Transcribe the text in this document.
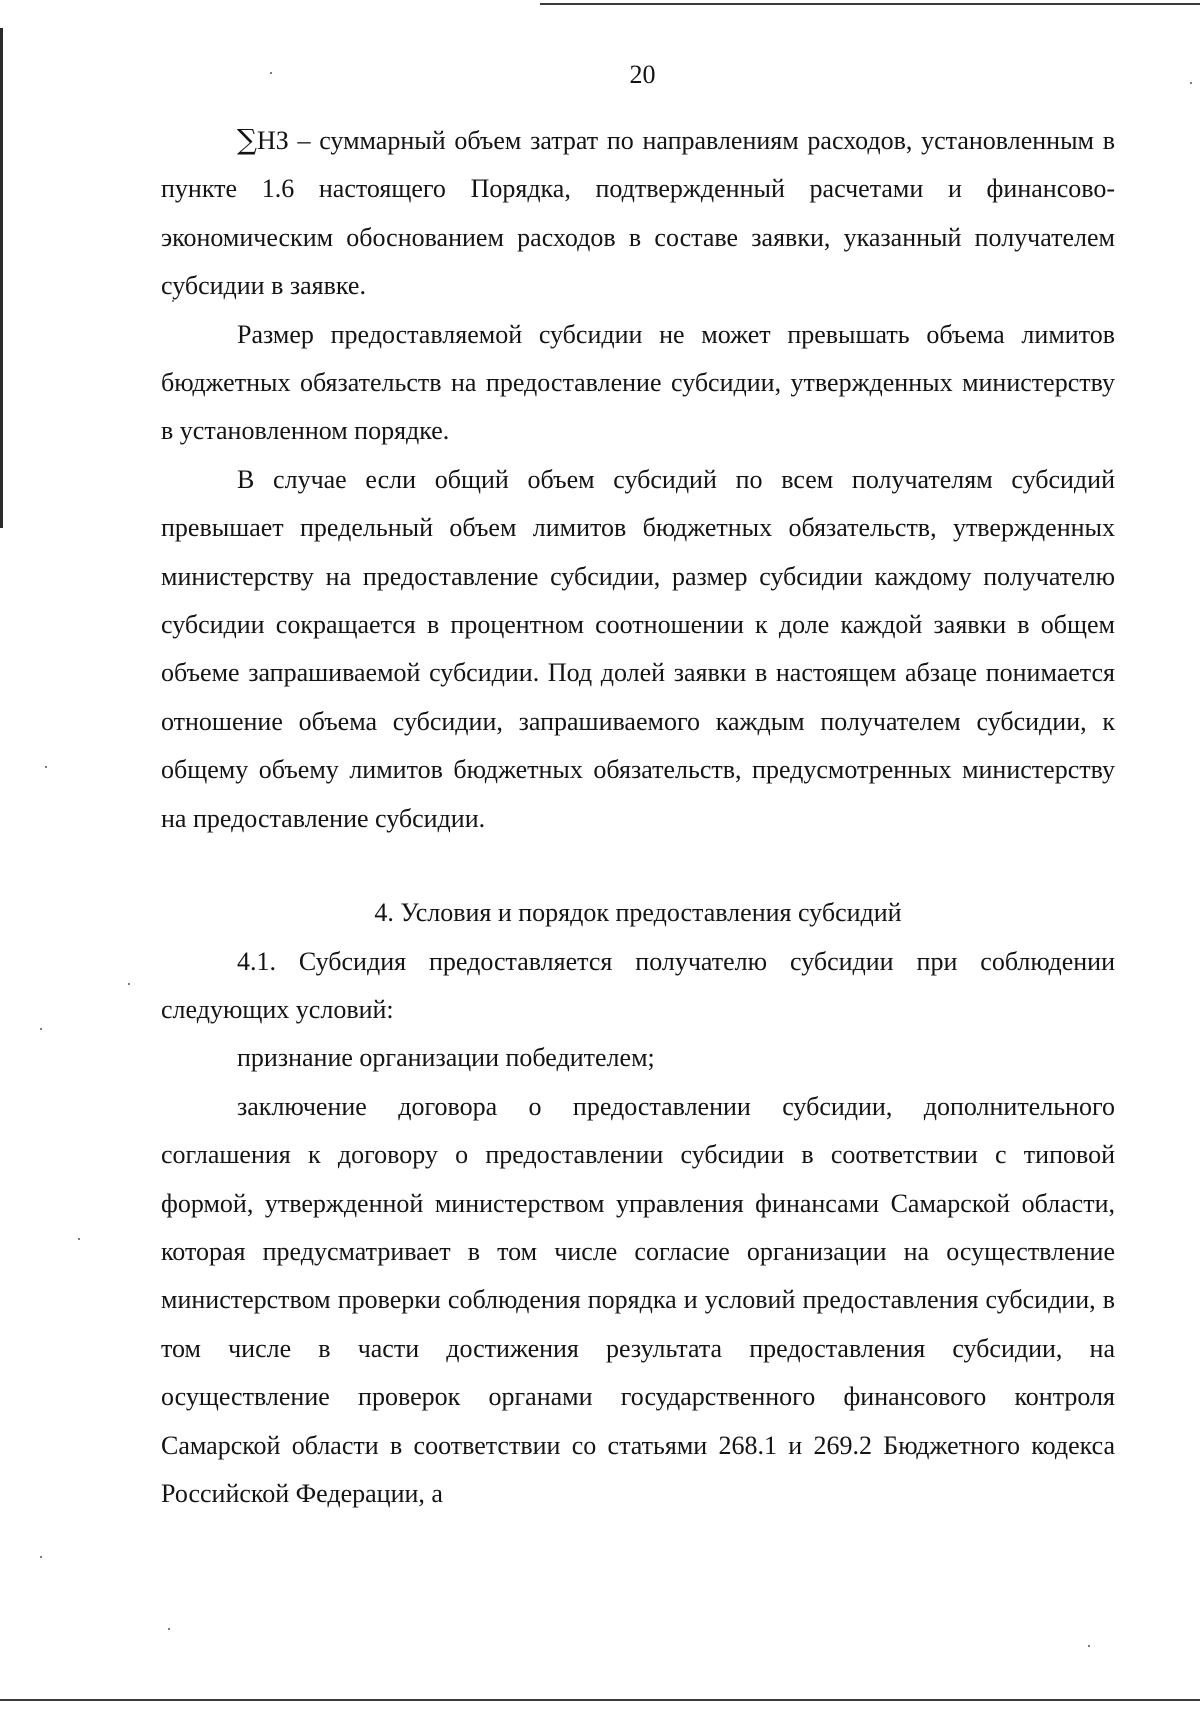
20

∑НЗ – суммарный объем затрат по направлениям расходов, установленным в пункте 1.6 настоящего Порядка, подтвержденный расчетами и финансово-экономическим обоснованием расходов в составе заявки, указанный получателем субсидии в заявке.

Размер предоставляемой субсидии не может превышать объема лимитов бюджетных обязательств на предоставление субсидии, утвержденных министерству в установленном порядке.

В случае если общий объем субсидий по всем получателям субсидий превышает предельный объем лимитов бюджетных обязательств, утвержденных министерству на предоставление субсидии, размер субсидии каждому получателю субсидии сокращается в процентном соотношении к доле каждой заявки в общем объеме запрашиваемой субсидии. Под долей заявки в настоящем абзаце понимается отношение объема субсидии, запрашиваемого каждым получателем субсидии, к общему объему лимитов бюджетных обязательств, предусмотренных министерству на предоставление субсидии.

4. Условия и порядок предоставления субсидий

4.1. Субсидия предоставляется получателю субсидии при соблюдении следующих условий:

признание организации победителем;

заключение договора о предоставлении субсидии, дополнительного соглашения к договору о предоставлении субсидии в соответствии с типовой формой, утвержденной министерством управления финансами Самарской области, которая предусматривает в том числе согласие организации на осуществление министерством проверки соблюдения порядка и условий предоставления субсидии, в том числе в части достижения результата предоставления субсидии, на осуществление проверок органами государственного финансового контроля Самарской области в соответствии со статьями 268.1 и 269.2 Бюджетного кодекса Российской Федерации, а
